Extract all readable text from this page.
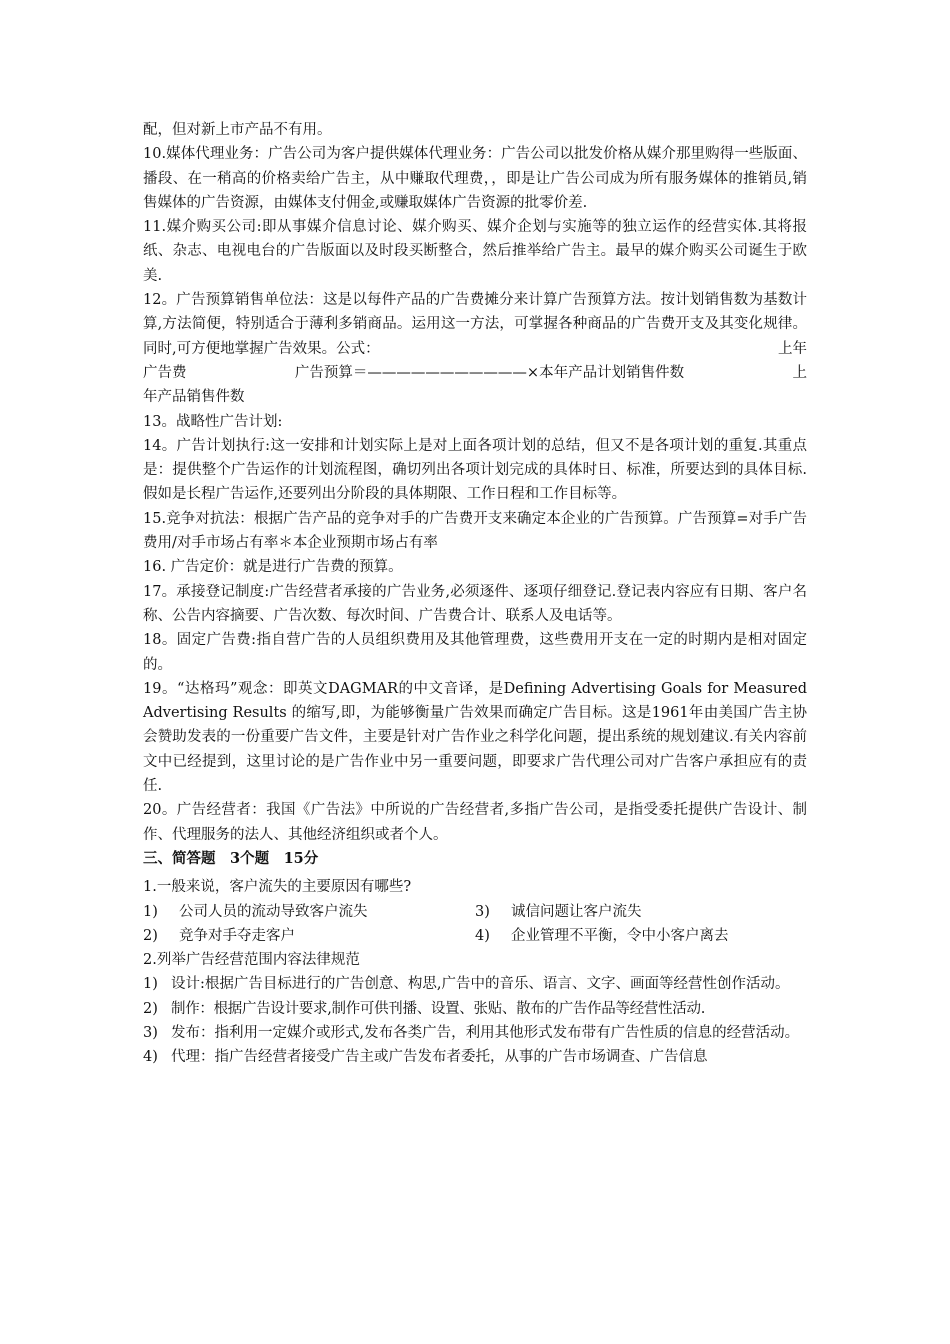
配，但对新上市产品不有用。

10.媒体代理业务：广告公司为客户提供媒体代理业务：广告公司以批发价格从媒介那里购得一些版面、播段、在一稍高的价格卖给广告主，从中赚取代理费，，即是让广告公司成为所有服务媒体的推销员,销售媒体的广告资源，由媒体支付佣金,或赚取媒体广告资源的批零价差.

11.媒介购买公司:即从事媒介信息讨论、媒介购买、媒介企划与实施等的独立运作的经营实体.其将报纸、杂志、电视电台的广告版面以及时段买断整合，然后推举给广告主。最早的媒介购买公司诞生于欧美.

12。广告预算销售单位法：这是以每件产品的广告费摊分来计算广告预算方法。按计划销售数为基数计算,方法简便，特别适合于薄利多销商品。运用这一方法，可掌握各种商品的广告费开支及其变化规律。同时,可方便地掌握广告效果。公式：	上年

广告费	广告预算＝———————————×本年产品计划销售件数	上
年产品销售件数

13。战略性广告计划:

14。广告计划执行:这一安排和计划实际上是对上面各项计划的总结，但又不是各项计划的重复.其重点是：提供整个广告运作的计划流程图，确切列出各项计划完成的具体时日、标准，所要达到的具体目标.假如是长程广告运作,还要列出分阶段的具体期限、工作日程和工作目标等。

15.竞争对抗法：根据广告产品的竞争对手的广告费开支来确定本企业的广告预算。广告预算=对手广告费用/对手市场占有率＊本企业预期市场占有率

16. 广告定价：就是进行广告费的预算。

17。承接登记制度:广告经营者承接的广告业务,必须逐件、逐项仔细登记.登记表内容应有日期、客户名称、公告内容摘要、广告次数、每次时间、广告费合计、联系人及电话等。

18。固定广告费:指自营广告的人员组织费用及其他管理费，这些费用开支在一定的时期内是相对固定的。

19。“达格玛”观念：即英文DAGMAR的中文音译，是Defining Advertising Goals for Measured Advertising Results 的缩写,即，为能够衡量广告效果而确定广告目标。这是1961年由美国广告主协会赞助发表的一份重要广告文件，主要是针对广告作业之科学化问题，提出系统的规划建议.有关内容前文中已经提到，这里讨论的是广告作业中另一重要问题，即要求广告代理公司对广告客户承担应有的责任.

20。广告经营者：我国《广告法》中所说的广告经营者,多指广告公司，是指受委托提供广告设计、制作、代理服务的法人、其他经济组织或者个人。

三、简答题　3个题　15分

1.一般来说，客户流失的主要原因有哪些?

1) 公司人员的流动导致客户流失	3) 诚信问题让客户流失
2) 竞争对手夺走客户	4) 企业管理不平衡，令中小客户离去

2.列举广告经营范围内容法律规范

1) 设计:根据广告目标进行的广告创意、构思,广告中的音乐、语言、文字、画面等经营性创作活动。
2) 制作：根据广告设计要求,制作可供刊播、设置、张贴、散布的广告作品等经营性活动.
3) 发布：指利用一定媒介或形式,发布各类广告，利用其他形式发布带有广告性质的信息的经营活动。
4) 代理：指广告经营者接受广告主或广告发布者委托，从事的广告市场调查、广告信息
